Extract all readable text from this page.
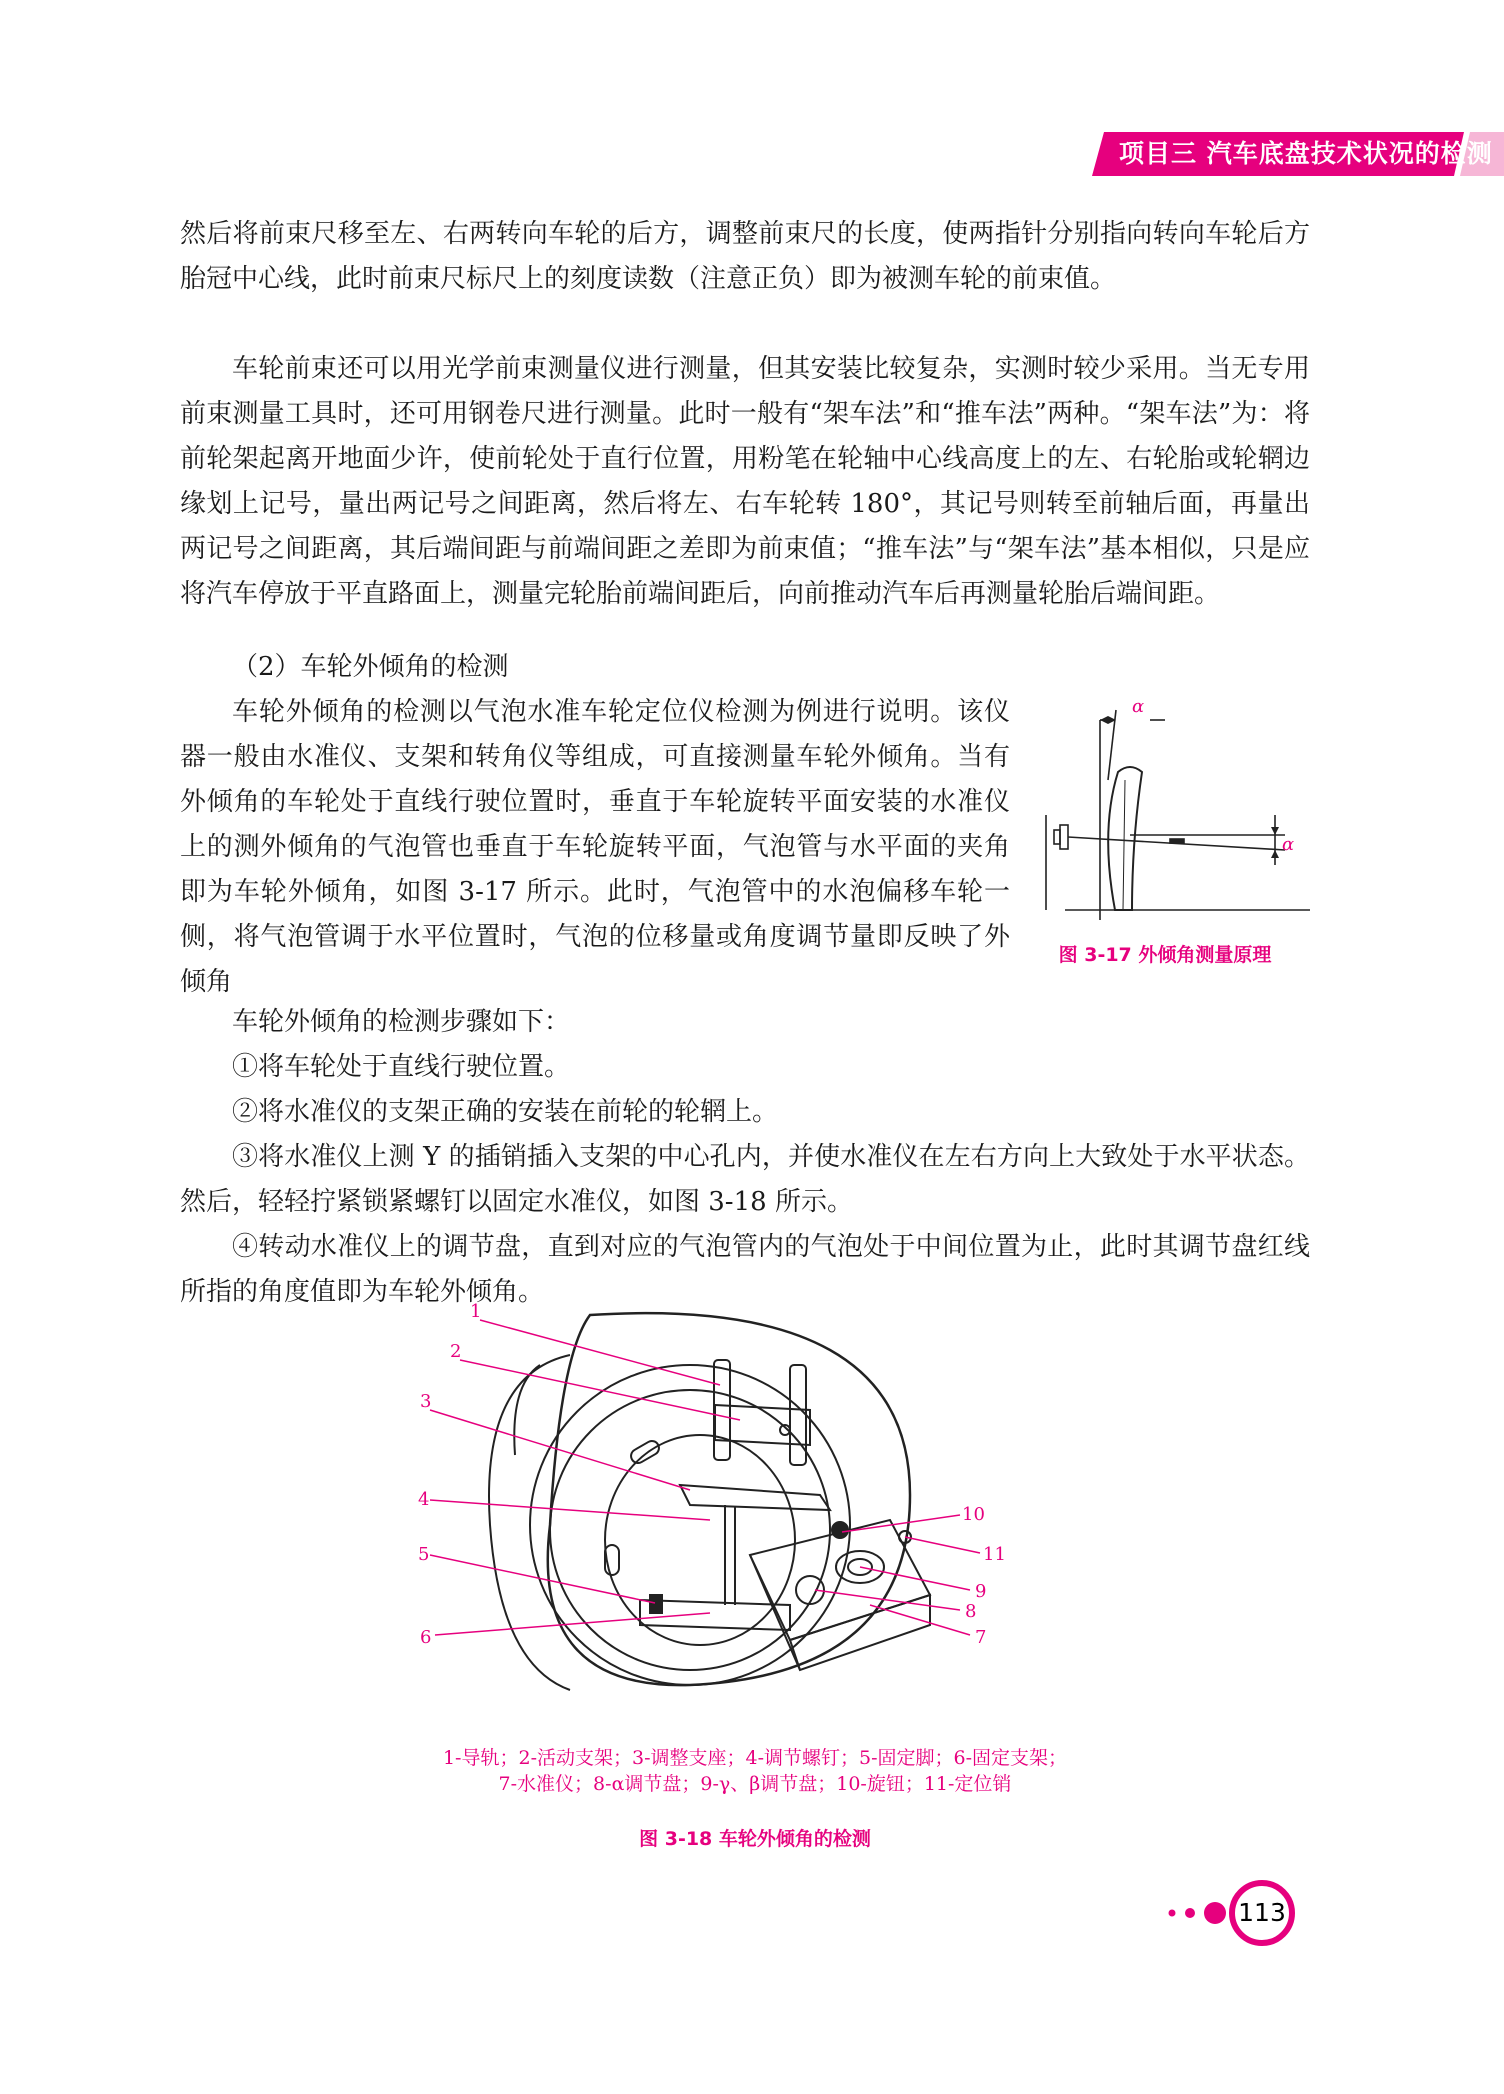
项目三 汽车底盘技术状况的检测

然后将前束尺移至左、右两转向车轮的后方，调整前束尺的长度，使两指针分别指向转向车轮后方胎冠中心线，此时前束尺标尺上的刻度读数（注意正负）即为被测车轮的前束值。

车轮前束还可以用光学前束测量仪进行测量，但其安装比较复杂，实测时较少采用。当无专用前束测量工具时，还可用钢卷尺进行测量。此时一般有“架车法”和“推车法”两种。“架车法”为：将前轮架起离开地面少许，使前轮处于直行位置，用粉笔在轮轴中心线高度上的左、右轮胎或轮辋边缘划上记号，量出两记号之间距离，然后将左、右车轮转 180°，其记号则转至前轴后面，再量出两记号之间距离，其后端间距与前端间距之差即为前束值；“推车法”与“架车法”基本相似，只是应将汽车停放于平直路面上，测量完轮胎前端间距后，向前推动汽车后再测量轮胎后端间距。

（2）车轮外倾角的检测

车轮外倾角的检测以气泡水准车轮定位仪检测为例进行说明。该仪器一般由水准仪、支架和转角仪等组成，可直接测量车轮外倾角。当有外倾角的车轮处于直线行驶位置时，垂直于车轮旋转平面安装的水准仪上的测外倾角的气泡管也垂直于车轮旋转平面，气泡管与水平面的夹角即为车轮外倾角，如图 3-17 所示。此时，气泡管中的水泡偏移车轮一侧，将气泡管调于水平位置时，气泡的位移量或角度调节量即反映了外倾角

车轮外倾角的检测步骤如下：

①将车轮处于直线行驶位置。

②将水准仪的支架正确的安装在前轮的轮辋上。

③将水准仪上测 Y 的插销插入支架的中心孔内，并使水准仪在左右方向上大致处于水平状态。然后，轻轻拧紧锁紧螺钉以固定水准仪，如图 3-18 所示。

④转动水准仪上的调节盘，直到对应的气泡管内的气泡处于中间位置为止，此时其调节盘红线所指的角度值即为车轮外倾角。

α
α
图 3-17 外倾角测量原理
1
2
3
4
5
6	7
8
9
10
11
1-导轨；2-活动支架；3-调整支座；4-调节螺钉；5-固定脚；6-固定支架；
7-水准仪；8-α调节盘；9-γ、β调节盘；10-旋钮；11-定位销
图 3-18 车轮外倾角的检测
113
